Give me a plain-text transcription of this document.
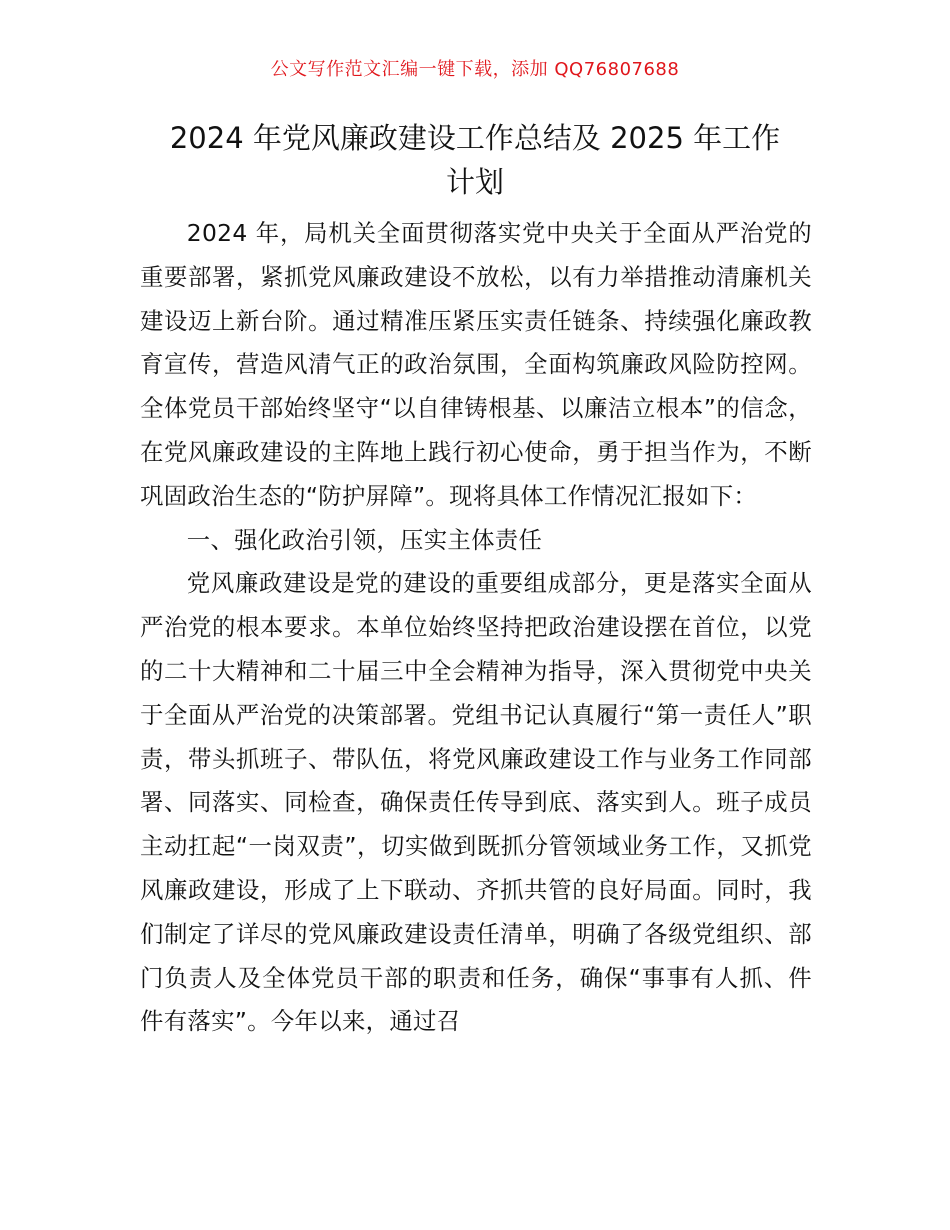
公文写作范文汇编一键下载，添加 QQ76807688
2024 年党风廉政建设工作总结及 2025 年工作
计划

2024 年，局机关全面贯彻落实党中央关于全面从严治党的重要部署，紧抓党风廉政建设不放松，以有力举措推动清廉机关建设迈上新台阶。通过精准压紧压实责任链条、持续强化廉政教育宣传，营造风清气正的政治氛围，全面构筑廉政风险防控网。全体党员干部始终坚守“以自律铸根基、以廉洁立根本”的信念，在党风廉政建设的主阵地上践行初心使命，勇于担当作为，不断巩固政治生态的“防护屏障”。现将具体工作情况汇报如下：

一、强化政治引领，压实主体责任

党风廉政建设是党的建设的重要组成部分，更是落实全面从严治党的根本要求。本单位始终坚持把政治建设摆在首位，以党的二十大精神和二十届三中全会精神为指导，深入贯彻党中央关于全面从严治党的决策部署。党组书记认真履行“第一责任人”职责，带头抓班子、带队伍，将党风廉政建设工作与业务工作同部署、同落实、同检查，确保责任传导到底、落实到人。班子成员主动扛起“一岗双责”，切实做到既抓分管领域业务工作，又抓党风廉政建设，形成了上下联动、齐抓共管的良好局面。同时，我们制定了详尽的党风廉政建设责任清单，明确了各级党组织、部门负责人及全体党员干部的职责和任务，确保“事事有人抓、件件有落实”。今年以来，通过召
